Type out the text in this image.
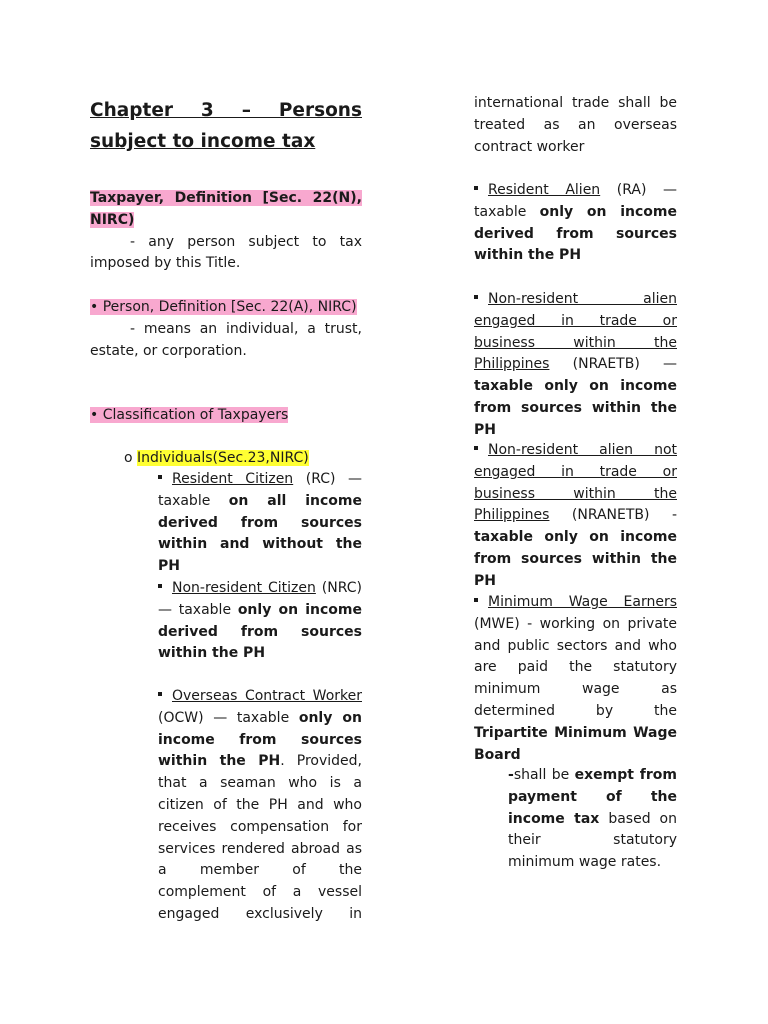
Chapter 3 – Persons
subject to income tax

Taxpayer, Definition [Sec. 22(N), NIRC)

- any person subject to tax imposed by this Title.

• Person, Definition [Sec. 22(A), NIRC)

- means an individual, a trust, estate, or corporation.

• Classification of Taxpayers

o Individuals(Sec.23,NIRC)

Resident Citizen (RC) — taxable on all income derived from sources within and without the PH

Non-resident Citizen (NRC) — taxable only on income derived from sources within the PH

Overseas Contract Worker (OCW) — taxable only on income from sources within the PH. Provided, that a seaman who is a citizen of the PH and who receives compensation for services rendered abroad as a member of the complement of a vessel engaged exclusively in

international trade shall be treated as an overseas contract worker

Resident Alien (RA) — taxable only on income derived from sources within the PH

Non-resident alien engaged in trade or business within the Philippines (NRAETB) — taxable only on income from sources within the PH

Non-resident alien not engaged in trade or business within the Philippines (NRANETB) -taxable only on income from sources within the PH

Minimum Wage Earners (MWE) - working on private and public sectors and who are paid the statutory minimum wage as determined by the Tripartite Minimum Wage Board

-shall be exempt from payment of the income tax based on their statutory minimum wage rates.
